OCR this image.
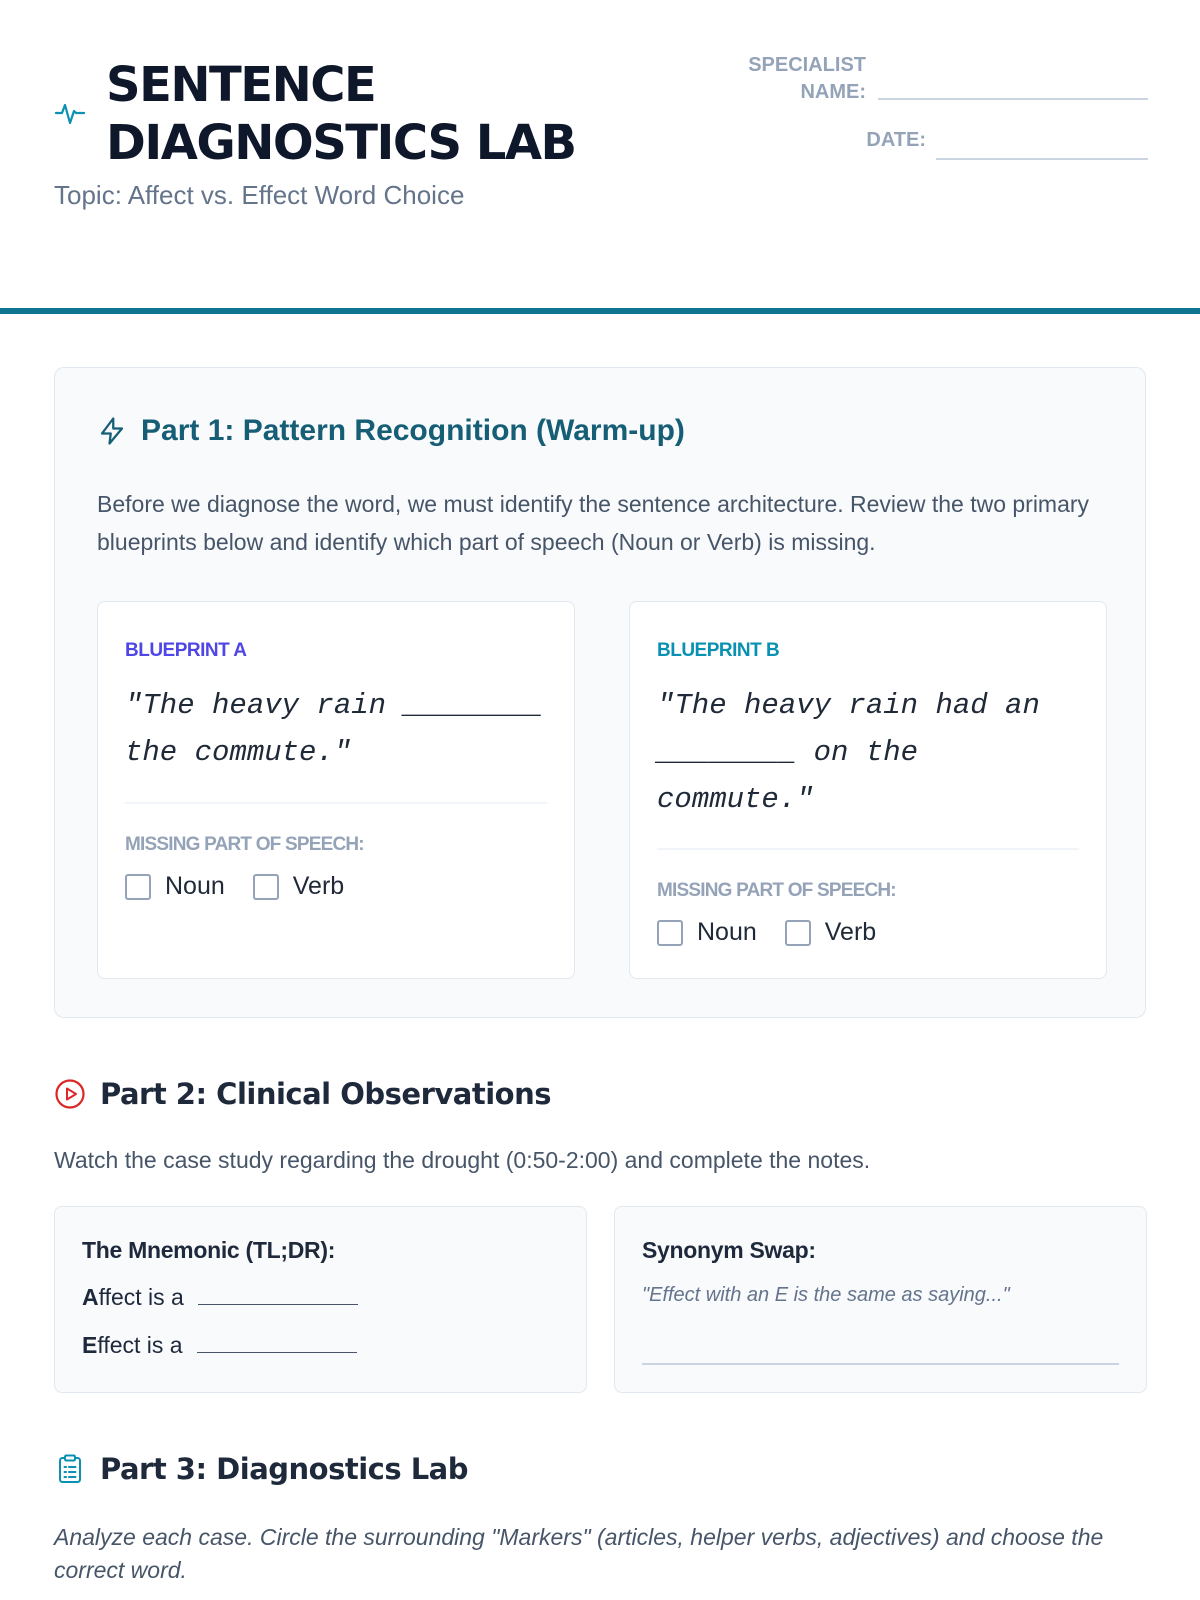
SENTENCE
DIAGNOSTICS LAB
Topic: Affect vs. Effect Word Choice
SPECIALIST
NAME:
DATE:
Part 1: Pattern Recognition (Warm-up)
Before we diagnose the word, we must identify the sentence architecture. Review the two primary blueprints below and identify which part of speech (Noun or Verb) is missing.
BLUEPRINT A
"The heavy rain ________
the commute."
MISSING PART OF SPEECH:
Noun	Verb
BLUEPRINT B
"The heavy rain had an
________ on the
commute."
MISSING PART OF SPEECH:
Noun	Verb
Part 2: Clinical Observations
Watch the case study regarding the drought (0:50-2:00) and complete the notes.
The Mnemonic (TL;DR):
Affect is a
Effect is a
Synonym Swap:
"Effect with an E is the same as saying..."
Part 3: Diagnostics Lab
Analyze each case. Circle the surrounding "Markers" (articles, helper verbs, adjectives) and choose the correct word.
